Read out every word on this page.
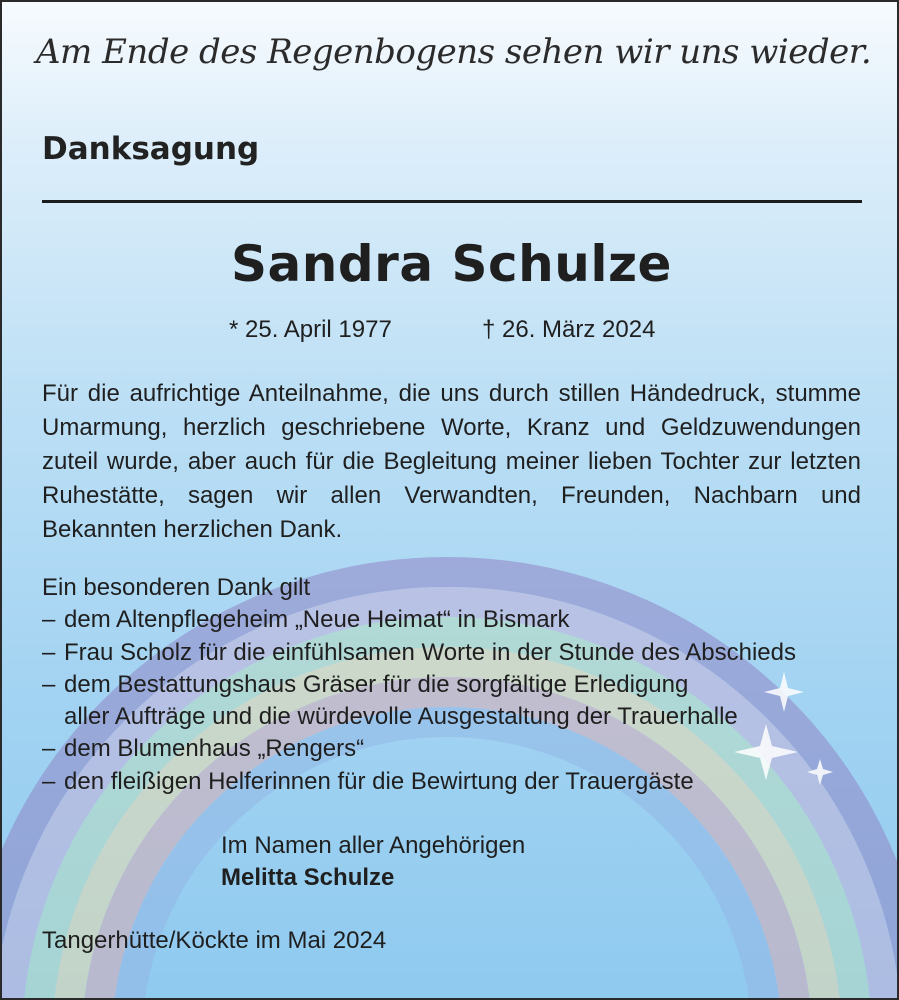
Am Ende des Regenbogens sehen wir uns wieder.
Danksagung
Sandra Schulze
* 25. April 1977	† 26. März 2024

Für die aufrichtige Anteilnahme, die uns durch stillen Händedruck, stumme Umarmung, herzlich geschriebene Worte, Kranz und Geldzuwendungen zuteil wurde, aber auch für die Begleitung meiner lieben Tochter zur letzten Ruhestätte, sagen wir allen Verwandten, Freunden, Nachbarn und Bekannten herzlichen Dank.

Ein besonderen Dank gilt
– dem Altenpflegeheim „Neue Heimat“ in Bismark
– Frau Scholz für die einfühlsamen Worte in der Stunde des Abschieds
– dem Bestattungshaus Gräser für die sorgfältige Erledigung
aller Aufträge und die würdevolle Ausgestaltung der Trauerhalle
– dem Blumenhaus „Rengers“
– den fleißigen Helferinnen für die Bewirtung der Trauergäste
Im Namen aller Angehörigen
Melitta Schulze
Tangerhütte/Köckte im Mai 2024
